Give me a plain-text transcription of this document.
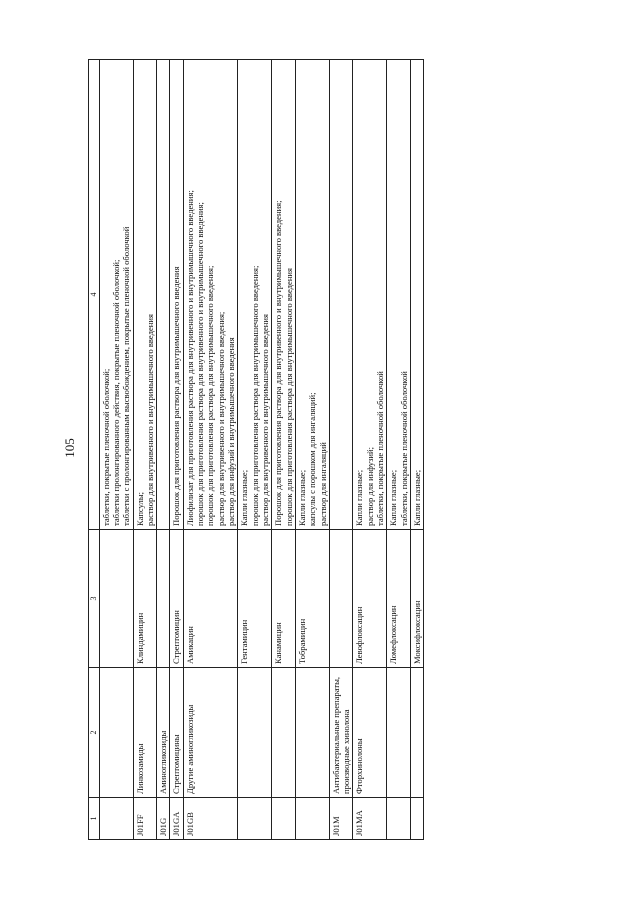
105
1	2	3	4

			таблетки, покрытые пленочной оболочкой; таблетки пролонгированного действия, покрытые пленочной оболочкой; таблетки с пролонгированным высвобождением, покрытые пленочной оболочкой

J01FF	Линкозамиды	Клиндамицин	Капсулы; раствор для внутривенного и внутримышечного введения

J01G	Аминогликозиды		
J01GA	Стрептомицины	Стрептомицин	Порошок для приготовления раствора для внутримышечного введения

J01GB	Другие аминогликозиды	Амикацин	Лиофилизат для приготовления раствора для внутривенного и внутримышечного введения; порошок для приготовления раствора для внутривенного и внутримышечного введения; порошок для приготовления раствора для внутримышечного введения; раствор для внутривенного и внутримышечного введения; раствор для инфузий и внутримышечного введения

		Гентамицин	Капли глазные; порошок для приготовления раствора для внутримышечного введения; раствор для внутривенного и внутримышечного введения

		Канамицин	Порошок для приготовления раствора для внутривенного и внутримышечного введения; порошок для приготовления раствора для внутримышечного введения

		Тобрамицин	Капли глазные; капсулы с порошком для ингаляций; раствор для ингаляций

J01M	Антибактериальные препараты, производные хинолона		
J01MA	Фторхинолоны	Левофлоксацин	Капли глазные; раствор для инфузий; таблетки, покрытые пленочной оболочкой

		Ломефлоксацин	Капли глазные; таблетки, покрытые пленочной оболочкой

		Моксифлоксацин	Капли глазные;
